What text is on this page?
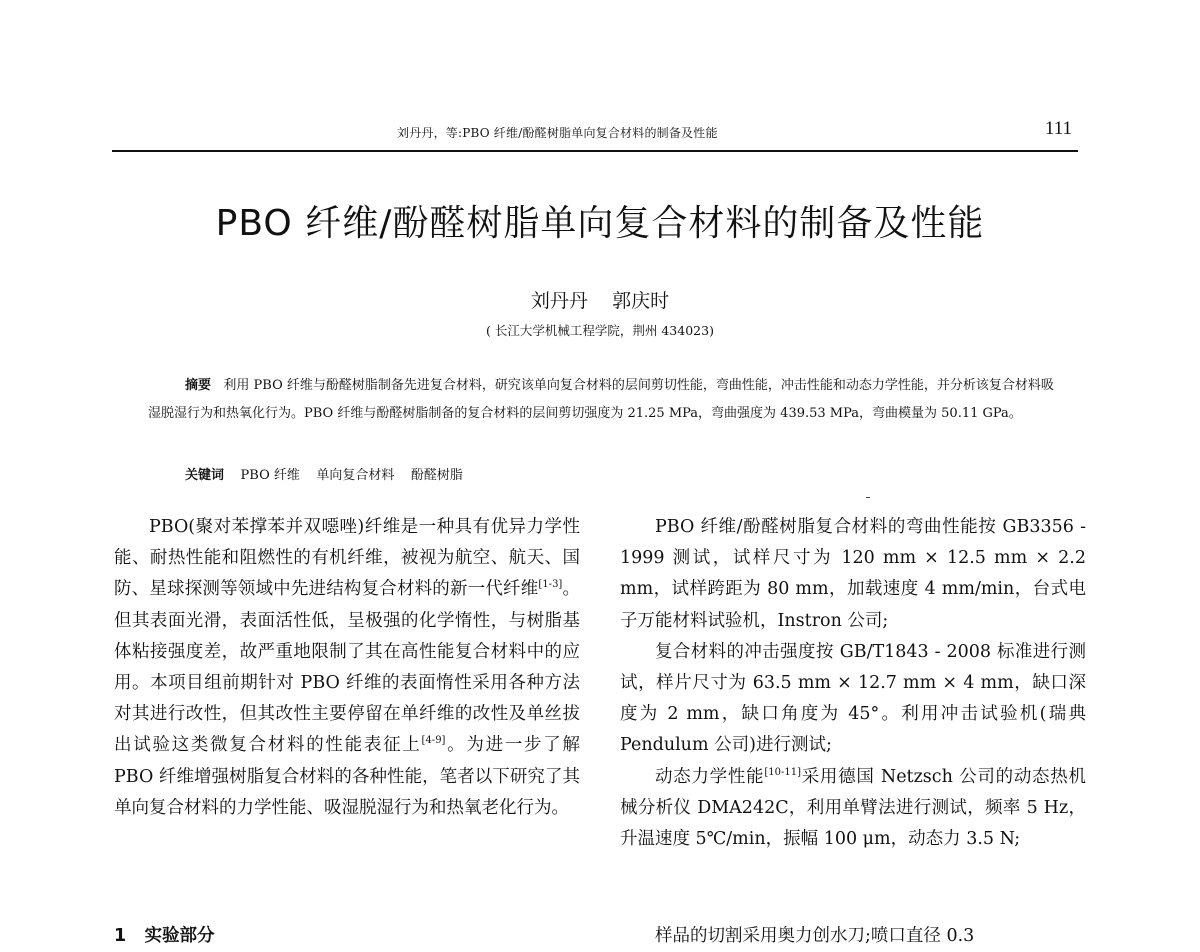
刘丹丹，等:PBO 纤维/酚醛树脂单向复合材料的制备及性能	111
PBO 纤维/酚醛树脂单向复合材料的制备及性能
刘丹丹    郭庆时
( 长江大学机械工程学院，荆州 434023)

摘要 利用 PBO 纤维与酚醛树脂制备先进复合材料，研究该单向复合材料的层间剪切性能，弯曲性能，冲击性能和动态力学性能，并分析该复合材料吸湿脱湿行为和热氧化行为。PBO 纤维与酚醛树脂制备的复合材料的层间剪切强度为 21.25 MPa，弯曲强度为 439.53 MPa，弯曲模量为 50.11 GPa。

关键词 PBO 纤维    单向复合材料    酚醛树脂

PBO(聚对苯撑苯并双噁唑)纤维是一种具有优异力学性能、耐热性能和阻燃性的有机纤维，被视为航空、航天、国防、星球探测等领域中先进结构复合材料的新一代纤维[1-3]。但其表面光滑，表面活性低，呈极强的化学惰性，与树脂基体粘接强度差，故严重地限制了其在高性能复合材料中的应用。本项目组前期针对 PBO 纤维的表面惰性采用各种方法对其进行改性，但其改性主要停留在单纤维的改性及单丝拔出试验这类微复合材料的性能表征上[4-9]。为进一步了解 PBO 纤维增强树脂复合材料的各种性能，笔者以下研究了其单向复合材料的力学性能、吸湿脱湿行为和热氧老化行为。

1   实验部分

PBO 纤维/酚醛树脂复合材料的弯曲性能按 GB3356 - 1999 测试，试样尺寸为 120 mm × 12.5 mm × 2.2 mm，试样跨距为 80 mm，加载速度 4 mm/min，台式电子万能材料试验机，Instron 公司;

复合材料的冲击强度按 GB/T1843 - 2008 标准进行测试，样片尺寸为 63.5 mm × 12.7 mm × 4 mm，缺口深度为 2 mm，缺口角度为 45°。利用冲击试验机(瑞典 Pendulum 公司)进行测试;

动态力学性能[10-11]采用德国 Netzsch 公司的动态热机械分析仪 DMA242C，利用单臂法进行测试，频率 5 Hz，升温速度 5℃/min，振幅 100 μm，动态力 3.5 N;

样品的切割采用奥力创水刀;喷口直径 0.3
